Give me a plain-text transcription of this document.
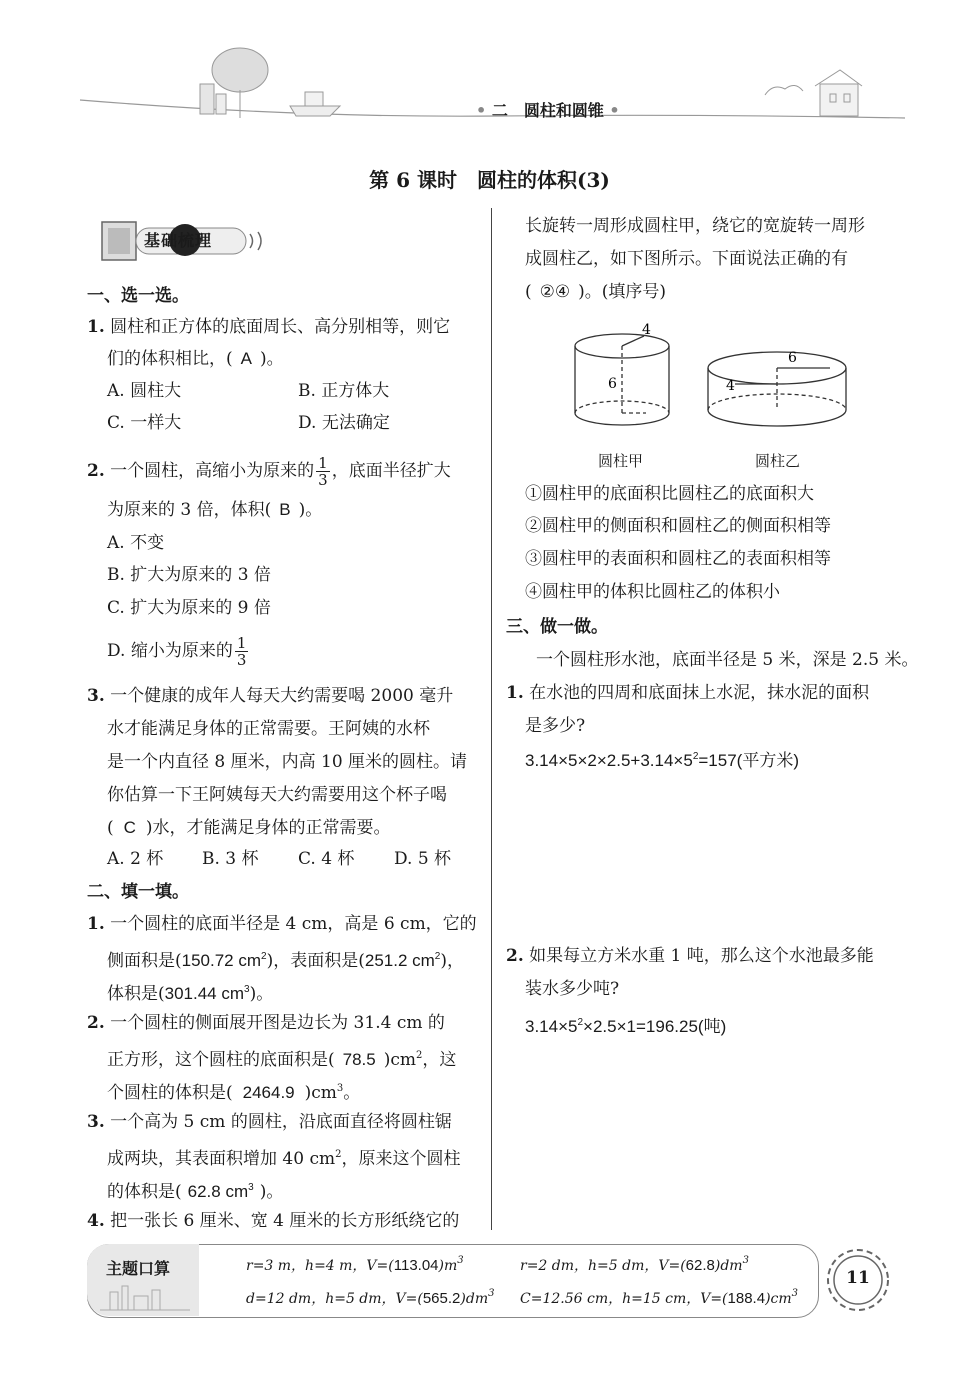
• 二　圆柱和圆锥 •
第 6 课时　圆柱的体积(3)
基础梳理
一、选一选。
1. 圆柱和正方体的底面周长、高分别相等，则它
们的体积相比，( A )。
A. 圆柱大	B. 正方体大
C. 一样大	D. 无法确定
2. 一个圆柱，高缩小为原来的 $\frac{1}{3}$ ，底面半径扩大
为原来的 3 倍，体积( B )。
A. 不变
B. 扩大为原来的 3 倍
C. 扩大为原来的 9 倍
D. 缩小为原来的 $\frac{1}{3}$
3. 一个健康的成年人每天大约需要喝 2000 毫升
水才能满足身体的正常需要。王阿姨的水杯
是一个内直径 8 厘米，内高 10 厘米的圆柱。请
你估算一下王阿姨每天大约需要用这个杯子喝
( C )水，才能满足身体的正常需要。
A. 2 杯 B. 3 杯 C. 4 杯 D. 5 杯
二、填一填。
1. 一个圆柱的底面半径是 4 cm，高是 6 cm，它的
侧面积是(150.72 $cm^2$)，表面积是(251.2 $cm^2$)，
体积是(301.44 $cm^3$)。
2. 一个圆柱的侧面展开图是边长为 31.4 cm 的
正方形，这个圆柱的底面积是( 78.5 )$cm^2$，这
个圆柱的体积是( 2464.9 )$cm^3$。
3. 一个高为 5 cm 的圆柱，沿底面直径将圆柱锯
成两块，其表面积增加 40 $cm^2$，原来这个圆柱
的体积是( 62.8 $cm^3$ )。
4. 把一张长 6 厘米、宽 4 厘米的长方形纸绕它的
长旋转一周形成圆柱甲，绕它的宽旋转一周形
成圆柱乙，如下图所示。下面说法正确的有
( ②④ )。(填序号)
4
6
6
4
圆柱甲	圆柱乙
①圆柱甲的底面积比圆柱乙的底面积大
②圆柱甲的侧面积和圆柱乙的侧面积相等
③圆柱甲的表面积和圆柱乙的表面积相等
④圆柱甲的体积比圆柱乙的体积小
三、做一做。
一个圆柱形水池，底面半径是 5 米，深是 2.5 米。
1. 在水池的四周和底面抹上水泥，抹水泥的面积
是多少?
$3.14\times 5\times 2\times 2.5+3.14\times 5^2=157$(平方米)
2. 如果每立方米水重 1 吨，那么这个水池最多能
装水多少吨?
$3.14\times 5^2\times 2.5\times 1=196.25$(吨)
主题口算	r=3 m，h=4 m，$V=(113.04)m^3$	r=2 dm，h=5 dm，$V=(62.8)dm^3$
d=12 dm，h=5 dm，$V=(565.2)dm^3$ C=12.56 cm，h=15 cm，$V=(188.4)cm^3$
11
